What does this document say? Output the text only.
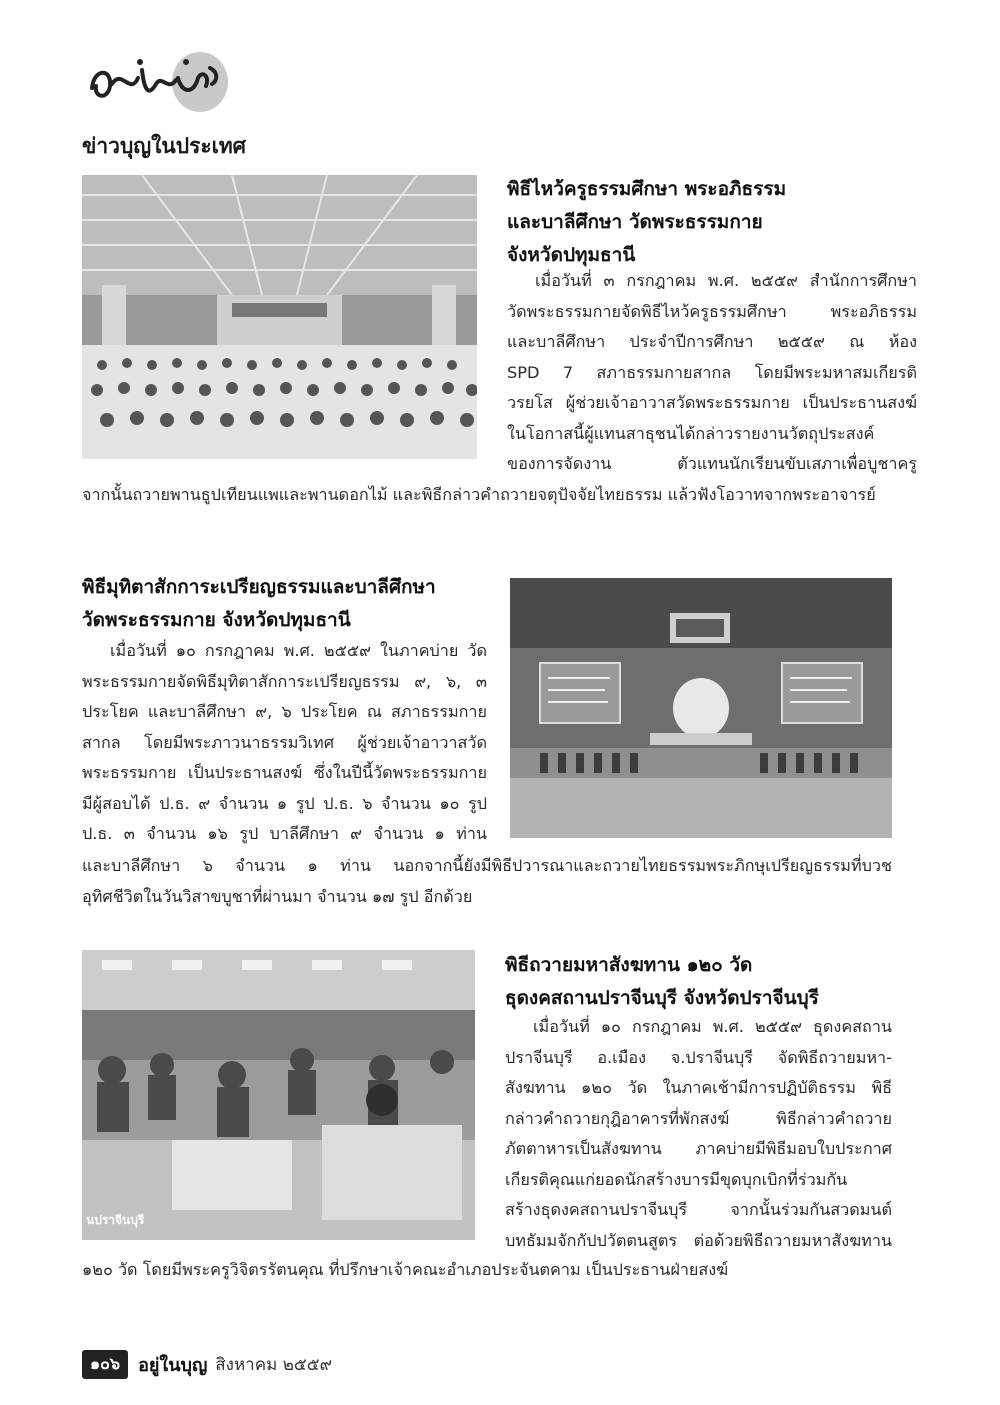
ข่าวบุญในประเทศ
พิธีไหว้ครูธรรมศึกษา พระอภิธรรม
และบาลีศึกษา วัดพระธรรมกาย
จังหวัดปทุมธานี
เมื่อวันที่ ๓ กรกฎาคม พ.ศ. ๒๕๕๙ สำนักการศึกษา
วัดพระธรรมกายจัดพิธีไหว้ครูธรรมศึกษา พระอภิธรรม
และบาลีศึกษา ประจำปีการศึกษา ๒๕๕๙ ณ ห้อง
SPD 7 สภาธรรมกายสากล โดยมีพระมหาสมเกียรติ
วรยโส ผู้ช่วยเจ้าอาวาสวัดพระธรรมกาย เป็นประธานสงฆ์
ในโอกาสนี้ผู้แทนสาธุชนได้กล่าวรายงานวัตถุประสงค์
ของการจัดงาน ตัวแทนนักเรียนขับเสภาเพื่อบูชาครู
จากนั้นถวายพานธูปเทียนแพและพานดอกไม้ และพิธีกล่าวคำถวายจตุปัจจัยไทยธรรม แล้วฟังโอวาทจากพระอาจารย์
พิธีมุทิตาสักการะเปรียญธรรมและบาลีศึกษา
วัดพระธรรมกาย จังหวัดปทุมธานี
เมื่อวันที่ ๑๐ กรกฎาคม พ.ศ. ๒๕๕๙ ในภาคบ่าย วัด
พระธรรมกายจัดพิธีมุทิตาสักการะเปรียญธรรม ๙, ๖, ๓
ประโยค และบาลีศึกษา ๙, ๖ ประโยค ณ สภาธรรมกาย
สากล โดยมีพระภาวนาธรรมวิเทศ ผู้ช่วยเจ้าอาวาสวัด
พระธรรมกาย เป็นประธานสงฆ์ ซึ่งในปีนี้วัดพระธรรมกาย
มีผู้สอบได้ ป.ธ. ๙ จำนวน ๑ รูป ป.ธ. ๖ จำนวน ๑๐ รูป
ป.ธ. ๓ จำนวน ๑๖ รูป บาลีศึกษา ๙ จำนวน ๑ ท่าน
และบาลีศึกษา ๖ จำนวน ๑ ท่าน นอกจากนี้ยังมีพิธีปวารณาและถวายไทยธรรมพระภิกษุเปรียญธรรมที่บวช
อุทิศชีวิตในวันวิสาขบูชาที่ผ่านมา จำนวน ๑๗ รูป อีกด้วย
นปราจีนบุรี
พิธีถวายมหาสังฆทาน ๑๒๐ วัด
ธุดงคสถานปราจีนบุรี จังหวัดปราจีนบุรี
เมื่อวันที่ ๑๐ กรกฎาคม พ.ศ. ๒๕๕๙ ธุดงคสถาน
ปราจีนบุรี อ.เมือง จ.ปราจีนบุรี จัดพิธีถวายมหา-
สังฆทาน ๑๒๐ วัด ในภาคเช้ามีการปฏิบัติธรรม พิธี
กล่าวคำถวายกุฎิอาคารที่พักสงฆ์ พิธีกล่าวคำถวาย
ภัตตาหารเป็นสังฆทาน ภาคบ่ายมีพิธีมอบใบประกาศ
เกียรติคุณแก่ยอดนักสร้างบารมีขุดบุกเบิกที่ร่วมกัน
สร้างธุดงคสถานปราจีนบุรี จากนั้นร่วมกันสวดมนต์
บทธัมมจักกัปปวัตตนสูตร ต่อด้วยพิธีถวายมหาสังฆทาน
๑๒๐ วัด โดยมีพระครูวิจิตรรัตนคุณ ที่ปรึกษาเจ้าคณะอำเภอประจันตคาม เป็นประธานฝ่ายสงฆ์
๑๐๖	อยู่ในบุญ สิงหาคม ๒๕๕๙
